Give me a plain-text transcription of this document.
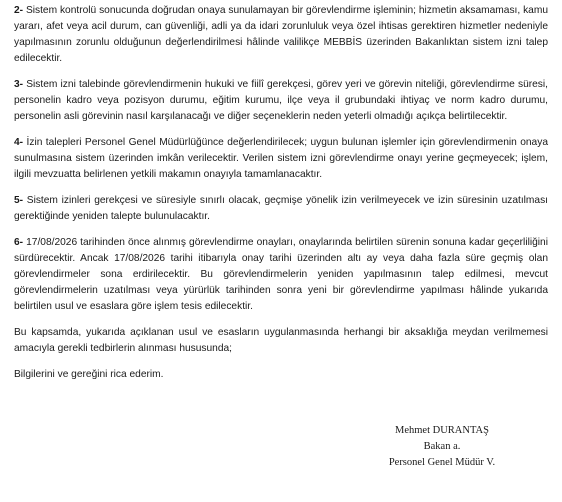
2- Sistem kontrolü sonucunda doğrudan onaya sunulamayan bir görevlendirme işleminin; hizmetin aksamaması, kamu yararı, afet veya acil durum, can güvenliği, adli ya da idari zorunluluk veya özel ihtisas gerektiren hizmetler nedeniyle yapılmasının zorunlu olduğunun değerlendirilmesi hâlinde valilikçe MEBBİS üzerinden Bakanlıktan sistem izni talep edilecektir.

3- Sistem izni talebinde görevlendirmenin hukuki ve fiilî gerekçesi, görev yeri ve görevin niteliği, görevlendirme süresi, personelin kadro veya pozisyon durumu, eğitim kurumu, ilçe veya il grubundaki ihtiyaç ve norm kadro durumu, personelin asli görevinin nasıl karşılanacağı ve diğer seçeneklerin neden yeterli olmadığı açıkça belirtilecektir.

4- İzin talepleri Personel Genel Müdürlüğünce değerlendirilecek; uygun bulunan işlemler için görevlendirmenin onaya sunulmasına sistem üzerinden imkân verilecektir. Verilen sistem izni görevlendirme onayı yerine geçmeyecek; işlem, ilgili mevzuatta belirlenen yetkili makamın onayıyla tamamlanacaktır.

5- Sistem izinleri gerekçesi ve süresiyle sınırlı olacak, geçmişe yönelik izin verilmeyecek ve izin süresinin uzatılması gerektiğinde yeniden talepte bulunulacaktır.

6- 17/08/2026 tarihinden önce alınmış görevlendirme onayları, onaylarında belirtilen sürenin sonuna kadar geçerliliğini sürdürecektir. Ancak 17/08/2026 tarihi itibarıyla onay tarihi üzerinden altı ay veya daha fazla süre geçmiş olan görevlendirmeler sona erdirilecektir. Bu görevlendirmelerin yeniden yapılmasının talep edilmesi, mevcut görevlendirmelerin uzatılması veya yürürlük tarihinden sonra yeni bir görevlendirme yapılması hâlinde yukarıda belirtilen usul ve esaslara göre işlem tesis edilecektir.

Bu kapsamda, yukarıda açıklanan usul ve esasların uygulanmasında herhangi bir aksaklığa meydan verilmemesi amacıyla gerekli tedbirlerin alınması hususunda;

Bilgilerini ve gereğini rica ederim.

Mehmet DURANTAŞ
Bakan a.
Personel Genel Müdür V.
